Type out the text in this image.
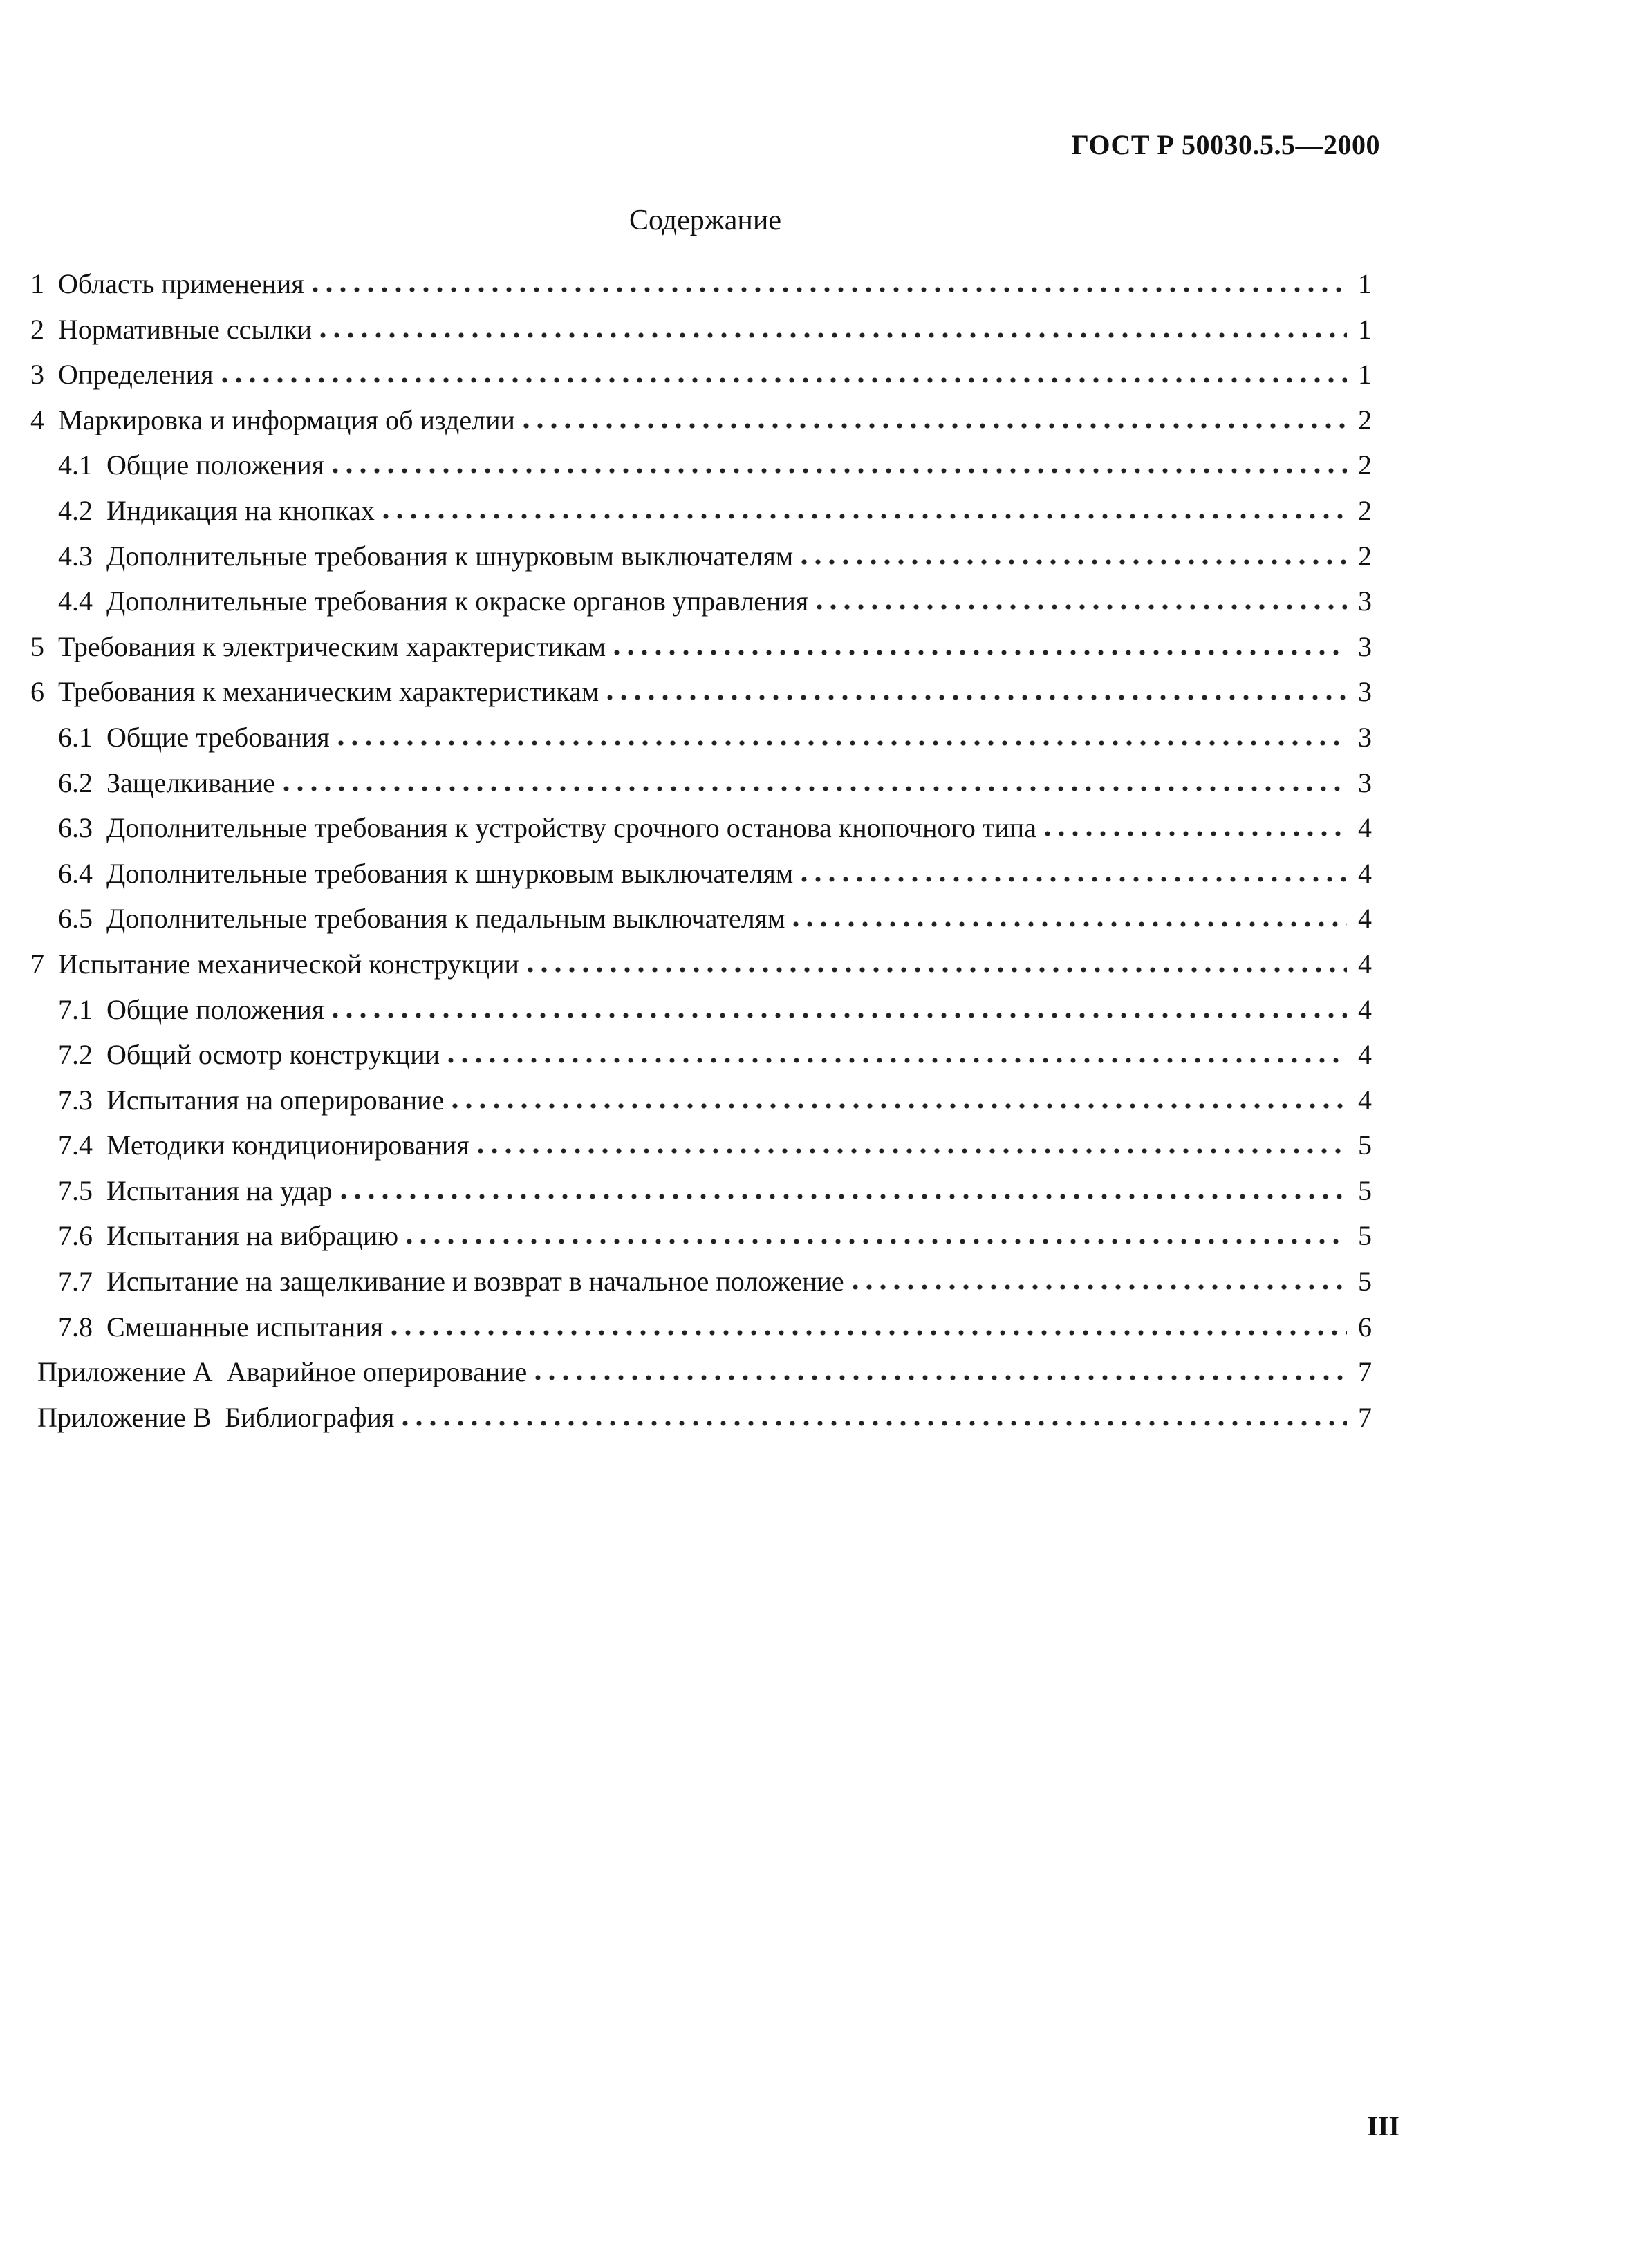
ГОСТ Р 50030.5.5—2000
Содержание
1 Область применения	1
2 Нормативные ссылки	1
3 Определения	1
4 Маркировка и информация об изделии	2
4.1 Общие положения	2
4.2 Индикация на кнопках	2
4.3 Дополнительные требования к шнурковым выключателям	2
4.4 Дополнительные требования к окраске органов управления	3
5 Требования к электрическим характеристикам	3
6 Требования к механическим характеристикам	3
6.1 Общие требования	3
6.2 Защелкивание	3
6.3 Дополнительные требования к устройству срочного останова кнопочного типа	4
6.4 Дополнительные требования к шнурковым выключателям	4
6.5 Дополнительные требования к педальным выключателям	4
7 Испытание механической конструкции	4
7.1 Общие положения	4
7.2 Общий осмотр конструкции	4
7.3 Испытания на оперирование	4
7.4 Методики кондиционирования	5
7.5 Испытания на удар	5
7.6 Испытания на вибрацию	5
7.7 Испытание на защелкивание и возврат в начальное положение	5
7.8 Смешанные испытания	6
Приложение А Аварийное оперирование	7
Приложение В Библиография	7
III
